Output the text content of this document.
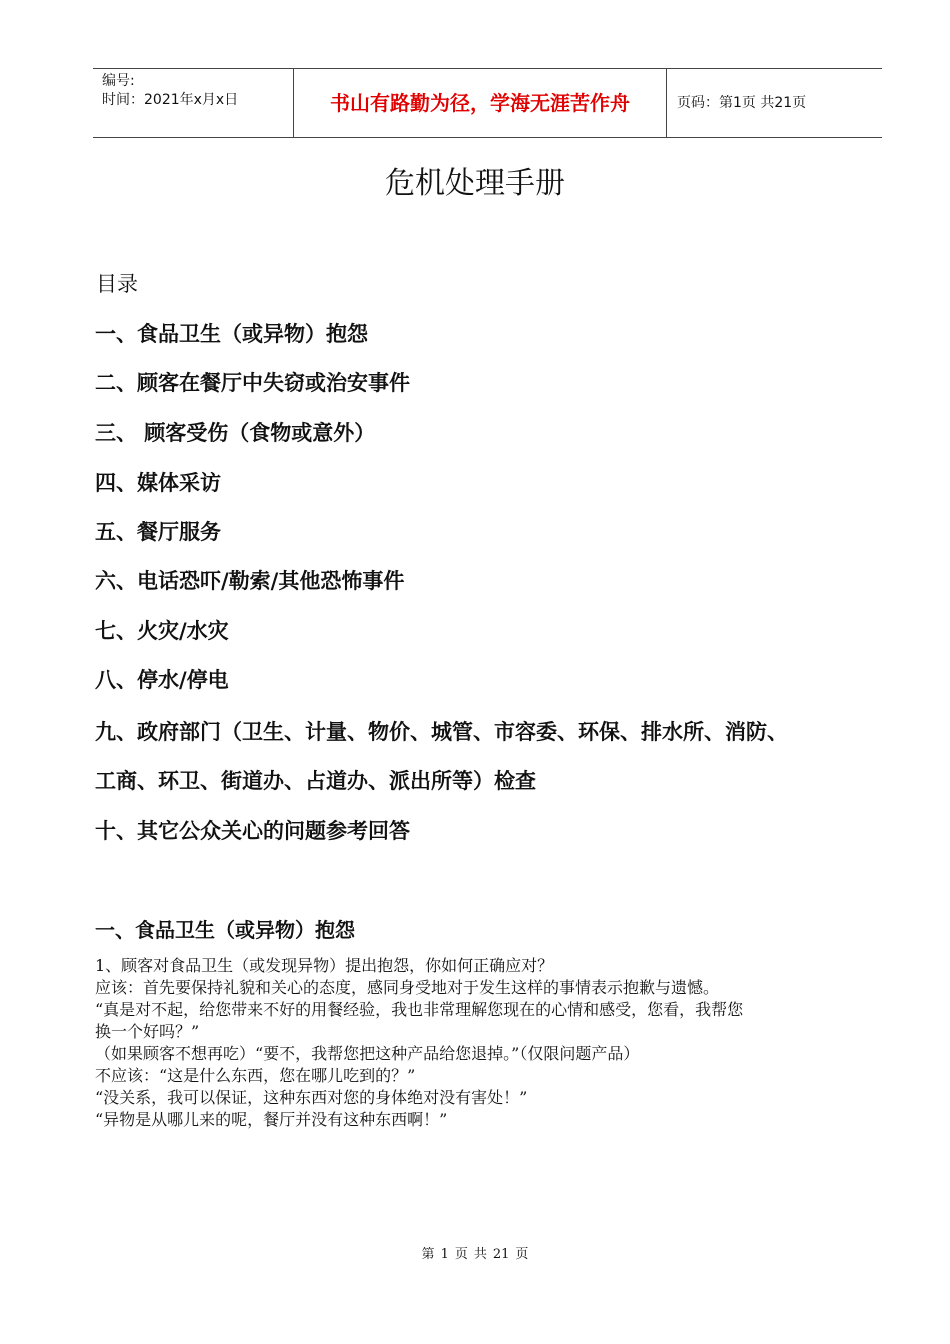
编号:
时间：2021年x月x日	书山有路勤为径，学海无涯苦作舟	页码：第1页 共21页
危机处理手册
目录
一、食品卫生（或异物）抱怨
二、顾客在餐厅中失窃或治安事件
三、 顾客受伤（食物或意外）
四、媒体采访
五、餐厅服务
六、电话恐吓/勒索/其他恐怖事件
七、火灾/水灾
八、停水/停电
九、政府部门（卫生、计量、物价、城管、市容委、环保、排水所、消防、
工商、环卫、街道办、占道办、派出所等）检查
十、其它公众关心的问题参考回答
一、食品卫生（或异物）抱怨

1、顾客对食品卫生（或发现异物）提出抱怨，你如何正确应对？

应该：首先要保持礼貌和关心的态度，感同身受地对于发生这样的事情表示抱歉与遗憾。

“真是对不起，给您带来不好的用餐经验，我也非常理解您现在的心情和感受，您看，我帮您

换一个好吗？”

（如果顾客不想再吃）“要不，我帮您把这种产品给您退掉。”（仅限问题产品）

不应该：“这是什么东西，您在哪儿吃到的？”

“没关系，我可以保证，这种东西对您的身体绝对没有害处！”

“异物是从哪儿来的呢，餐厅并没有这种东西啊！”

第 1 页 共 21 页
